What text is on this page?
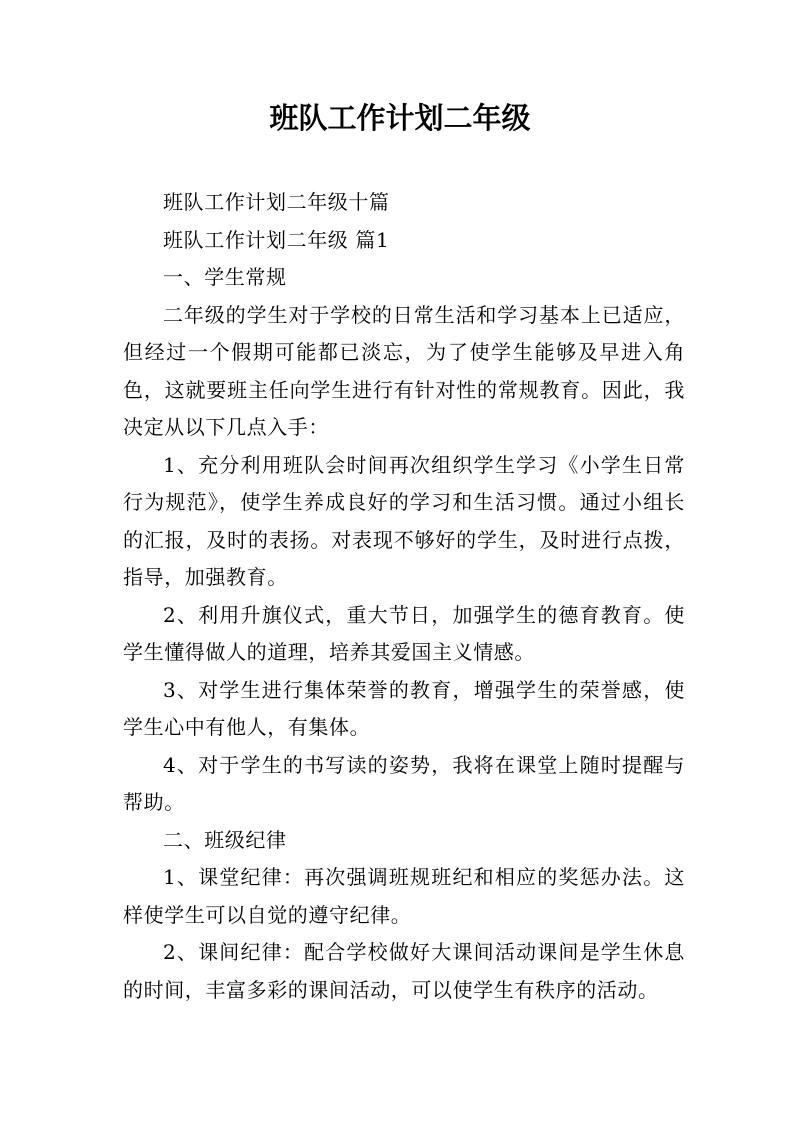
班队工作计划二年级

班队工作计划二年级十篇

班队工作计划二年级 篇1

一、学生常规

二年级的学生对于学校的日常生活和学习基本上已适应，但经过一个假期可能都已淡忘，为了使学生能够及早进入角色，这就要班主任向学生进行有针对性的常规教育。因此，我决定从以下几点入手：

1、充分利用班队会时间再次组织学生学习《小学生日常行为规范》，使学生养成良好的学习和生活习惯。通过小组长的汇报，及时的表扬。对表现不够好的学生，及时进行点拨，指导，加强教育。

2、利用升旗仪式，重大节日，加强学生的德育教育。使学生懂得做人的道理，培养其爱国主义情感。

3、对学生进行集体荣誉的教育，增强学生的荣誉感，使学生心中有他人，有集体。

4、对于学生的书写读的姿势，我将在课堂上随时提醒与帮助。

二、班级纪律

1、课堂纪律：再次强调班规班纪和相应的奖惩办法。这样使学生可以自觉的遵守纪律。

2、课间纪律：配合学校做好大课间活动课间是学生休息的时间，丰富多彩的课间活动，可以使学生有秩序的活动。
